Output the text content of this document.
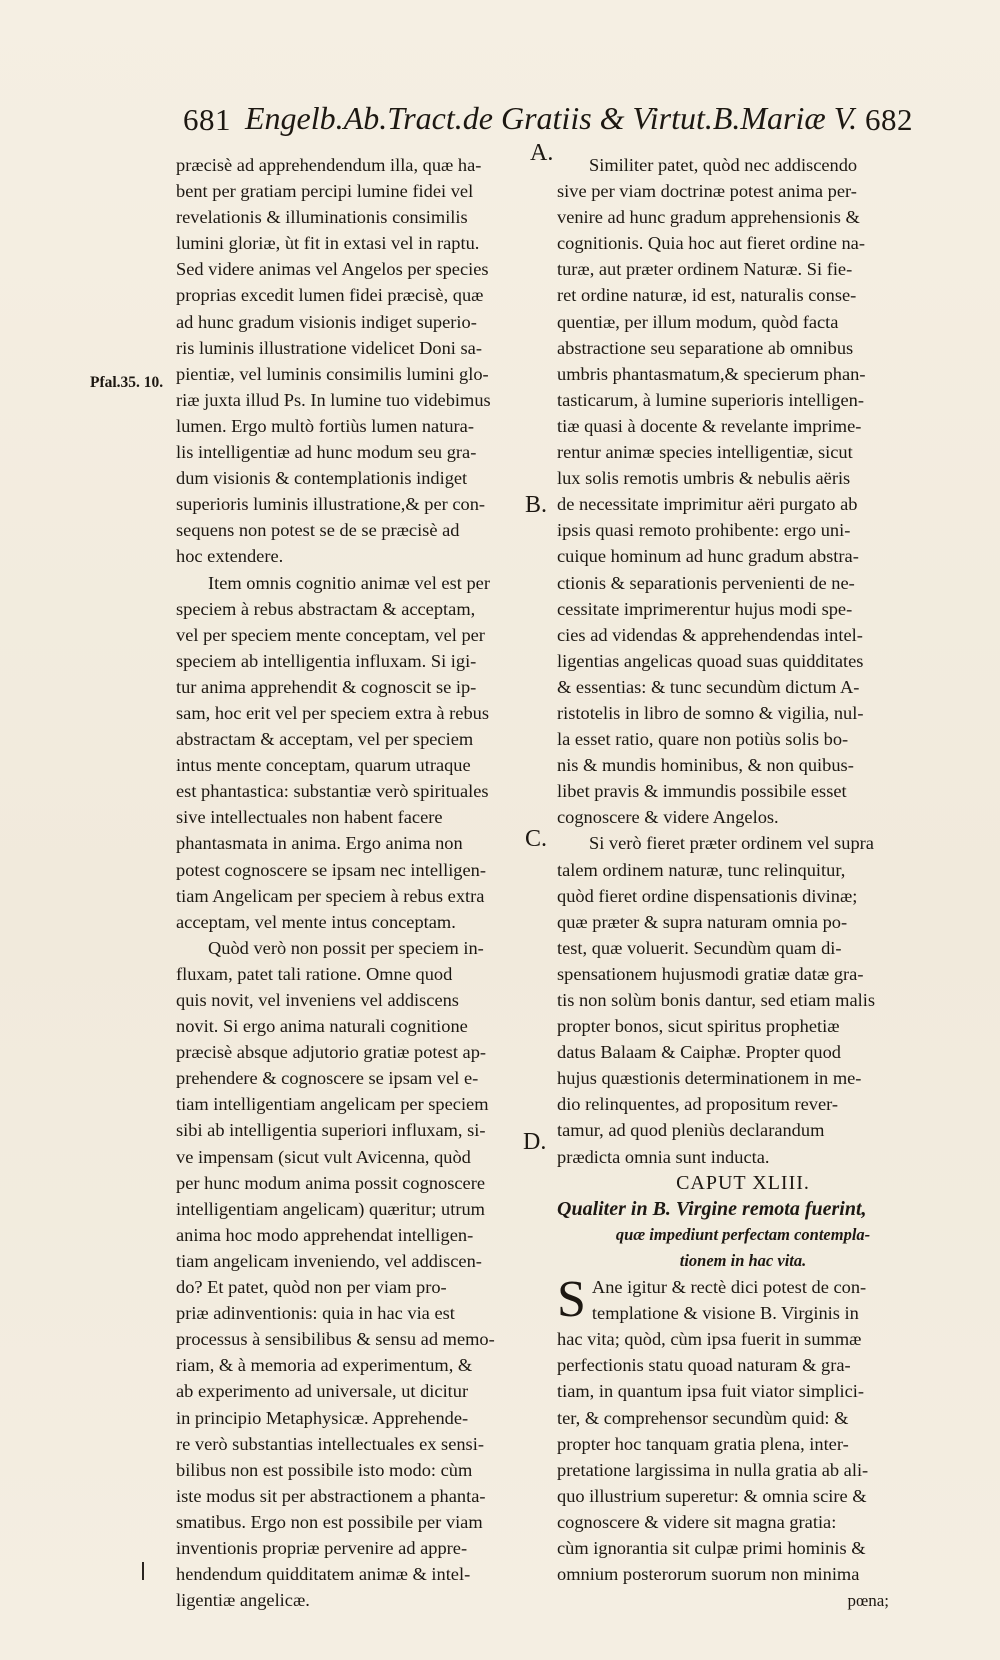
681 Engelb.Ab.Tract.de Gratiis & Virtut.B.Mariæ V. 682
Pfal.35. 10.
A.
B.
C.
D.
præcisè ad apprehendendum illa, quæ ha-
bent per gratiam percipi lumine fidei vel
revelationis & illuminationis consimilis
lumini gloriæ, ùt fit in extasi vel in raptu.
Sed videre animas vel Angelos per species
proprias excedit lumen fidei præcisè, quæ
ad hunc gradum visionis indiget superio-
ris luminis illustratione videlicet Doni sa-
pientiæ, vel luminis consimilis lumini glo-
riæ juxta illud Ps. In lumine tuo videbimus
lumen. Ergo multò fortiùs lumen natura-
lis intelligentiæ ad hunc modum seu gra-
dum visionis & contemplationis indiget
superioris luminis illustratione,& per con-
sequens non potest se de se præcisè ad
hoc extendere.
Item omnis cognitio animæ vel est per
speciem à rebus abstractam & acceptam,
vel per speciem mente conceptam, vel per
speciem ab intelligentia influxam. Si igi-
tur anima apprehendit & cognoscit se ip-
sam, hoc erit vel per speciem extra à rebus
abstractam & acceptam, vel per speciem
intus mente conceptam, quarum utraque
est phantastica: substantiæ verò spirituales
sive intellectuales non habent facere
phantasmata in anima. Ergo anima non
potest cognoscere se ipsam nec intelligen-
tiam Angelicam per speciem à rebus extra
acceptam, vel mente intus conceptam.
Quòd verò non possit per speciem in-
fluxam, patet tali ratione. Omne quod
quis novit, vel inveniens vel addiscens
novit. Si ergo anima naturali cognitione
præcisè absque adjutorio gratiæ potest ap-
prehendere & cognoscere se ipsam vel e-
tiam intelligentiam angelicam per speciem
sibi ab intelligentia superiori influxam, si-
ve impensam (sicut vult Avicenna, quòd
per hunc modum anima possit cognoscere
intelligentiam angelicam) quæritur; utrum
anima hoc modo apprehendat intelligen-
tiam angelicam inveniendo, vel addiscen-
do? Et patet, quòd non per viam pro-
priæ adinventionis: quia in hac via est
processus à sensibilibus & sensu ad memo-
riam, & à memoria ad experimentum, &
ab experimento ad universale, ut dicitur
in principio Metaphysicæ. Apprehende-
re verò substantias intellectuales ex sensi-
bilibus non est possibile isto modo: cùm
iste modus sit per abstractionem a phanta-
smatibus. Ergo non est possibile per viam
inventionis propriæ pervenire ad appre-
hendendum quidditatem animæ & intel-
ligentiæ angelicæ.
Similiter patet, quòd nec addiscendo
sive per viam doctrinæ potest anima per-
venire ad hunc gradum apprehensionis &
cognitionis. Quia hoc aut fieret ordine na-
turæ, aut præter ordinem Naturæ. Si fie-
ret ordine naturæ, id est, naturalis conse-
quentiæ, per illum modum, quòd facta
abstractione seu separatione ab omnibus
umbris phantasmatum,& specierum phan-
tasticarum, à lumine superioris intelligen-
tiæ quasi à docente & revelante imprime-
rentur animæ species intelligentiæ, sicut
lux solis remotis umbris & nebulis aëris
de necessitate imprimitur aëri purgato ab
ipsis quasi remoto prohibente: ergo uni-
cuique hominum ad hunc gradum abstra-
ctionis & separationis pervenienti de ne-
cessitate imprimerentur hujus modi spe-
cies ad videndas & apprehendendas intel-
ligentias angelicas quoad suas quidditates
& essentias: & tunc secundùm dictum A-
ristotelis in libro de somno & vigilia, nul-
la esset ratio, quare non potiùs solis bo-
nis & mundis hominibus, & non quibus-
libet pravis & immundis possibile esset
cognoscere & videre Angelos.
Si verò fieret præter ordinem vel supra
talem ordinem naturæ, tunc relinquitur,
quòd fieret ordine dispensationis divinæ;
quæ præter & supra naturam omnia po-
test, quæ voluerit. Secundùm quam di-
spensationem hujusmodi gratiæ datæ gra-
tis non solùm bonis dantur, sed etiam malis
propter bonos, sicut spiritus prophetiæ
datus Balaam & Caiphæ. Propter quod
hujus quæstionis determinationem in me-
dio relinquentes, ad propositum rever-
tamur, ad quod pleniùs declarandum
prædicta omnia sunt inducta.
CAPUT XLIII.
Qualiter in B. Virgine remota fuerint,
quæ impediunt perfectam contempla-
tionem in hac vita.
S Ane igitur & rectè dici potest de con-
templatione & visione B. Virginis in
hac vita; quòd, cùm ipsa fuerit in summæ
perfectionis statu quoad naturam & gra-
tiam, in quantum ipsa fuit viator simplici-
ter, & comprehensor secundùm quid: &
propter hoc tanquam gratia plena, inter-
pretatione largissima in nulla gratia ab ali-
quo illustrium superetur: & omnia scire &
cognoscere & videre sit magna gratia:
cùm ignorantia sit culpæ primi hominis &
omnium posterorum suorum non minima
pœna;
